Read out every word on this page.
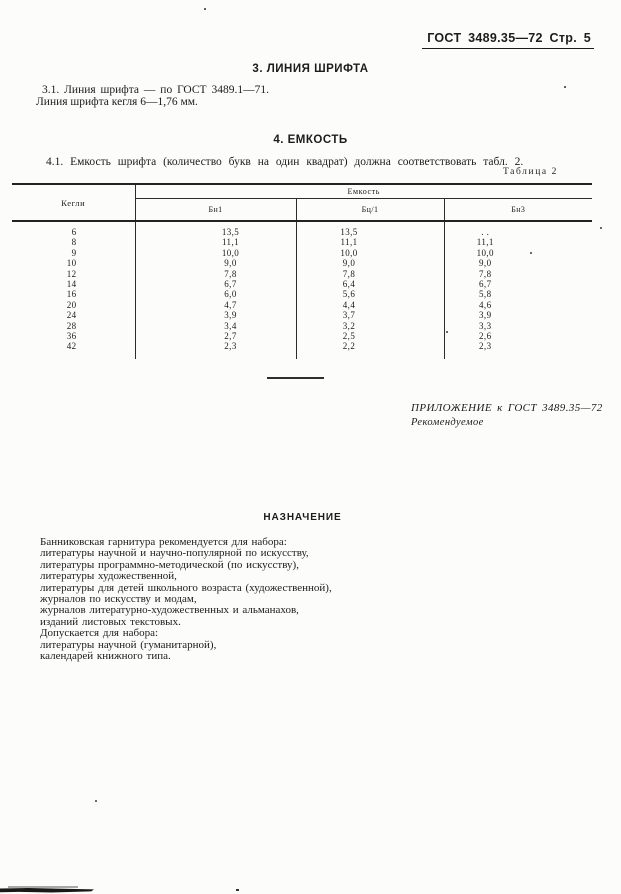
ГОСТ 3489.35—72 Стр. 5
3. ЛИНИЯ ШРИФТА
3.1. Линия шрифта — по ГОСТ 3489.1—71.
Линия шрифта кегля 6—1,76 мм.
4. ЕМКОСТЬ
4.1. Емкость шрифта (количество букв на один квадрат) должна соответствовать табл. 2.
Таблица 2
Кегли	Емкость		
	Бн1	Бц/1	Бн3
6	13,5	13,5	. .
8	11,1	11,1	11,1
9	10,0	10,0	10,0
10	9,0	9,0	9,0
12	7,8	7,8	7,8
14	6,7	6,4	6,7
16	6,0	5,6	5,8
20	4,7	4,4	4,6
24	3,9	3,7	3,9
28	3,4	3,2	3,3
36	2,7	2,5	2,6
42	2,3	2,2	2,3
ПРИЛОЖЕНИЕ к ГОСТ 3489.35—72
Рекомендуемое
НАЗНАЧЕНИЕ
Банниковская гарнитура рекомендуется для набора:
литературы научной и научно-популярной по искусству,
литературы программно-методической (по искусству),
литературы художественной,
литературы для детей школьного возраста (художественной),
журналов по искусству и модам,
журналов литературно-художественных и альманахов,
изданий листовых текстовых.
Допускается для набора:
литературы научной (гуманитарной),
календарей книжного типа.
